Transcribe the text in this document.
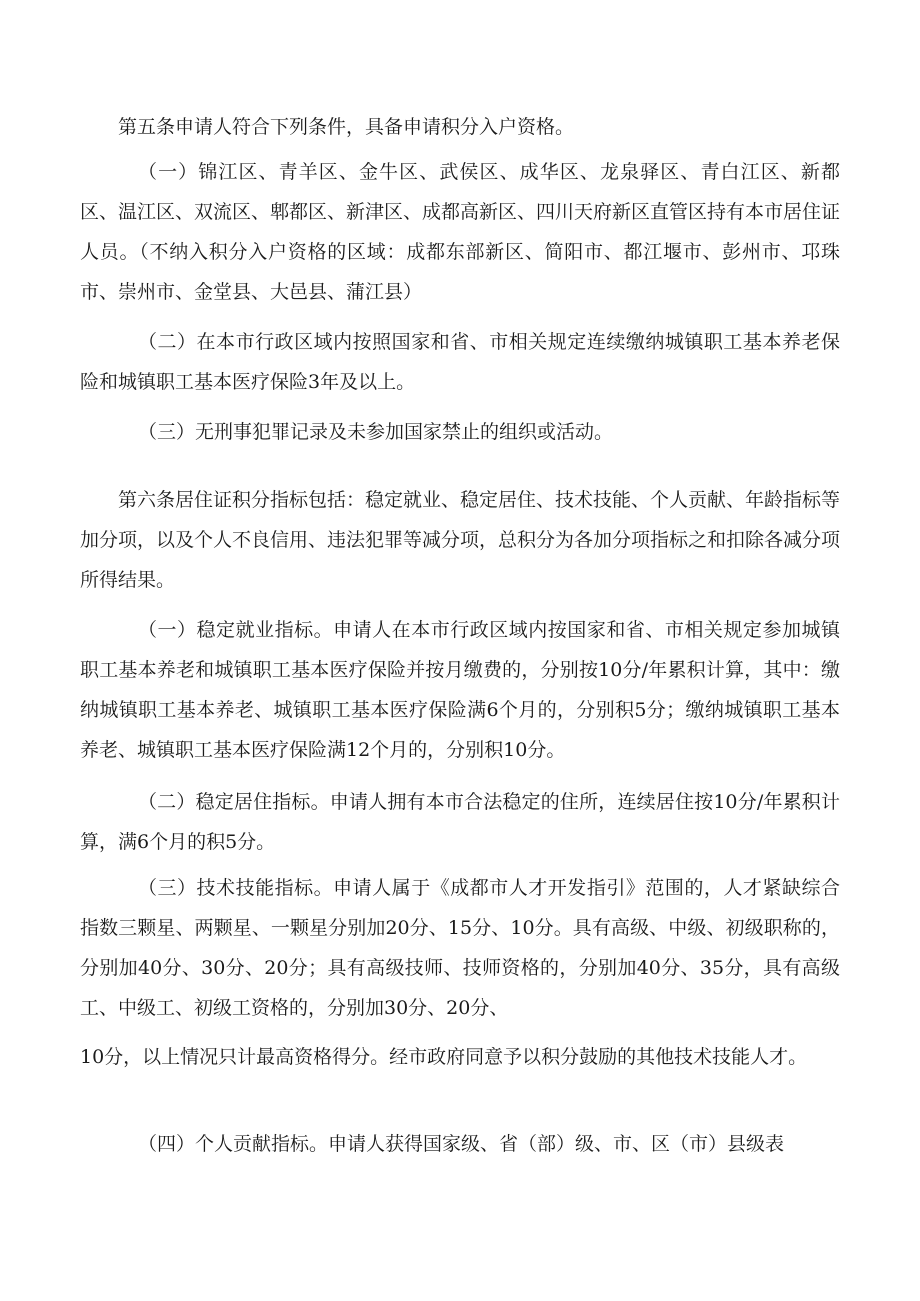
第五条申请人符合下列条件，具备申请积分入户资格。

（一）锦江区、青羊区、金牛区、武侯区、成华区、龙泉驿区、青白江区、新都区、温江区、双流区、郫都区、新津区、成都高新区、四川天府新区直管区持有本市居住证人员。（不纳入积分入户资格的区域：成都东部新区、简阳市、都江堰市、彭州市、邛珠市、崇州市、金堂县、大邑县、蒲江县）

（二）在本市行政区域内按照国家和省、市相关规定连续缴纳城镇职工基本养老保险和城镇职工基本医疗保险3年及以上。

（三）无刑事犯罪记录及未参加国家禁止的组织或活动。

第六条居住证积分指标包括：稳定就业、稳定居住、技术技能、个人贡献、年龄指标等加分项，以及个人不良信用、违法犯罪等减分项，总积分为各加分项指标之和扣除各减分项所得结果。

（一）稳定就业指标。申请人在本市行政区域内按国家和省、市相关规定参加城镇职工基本养老和城镇职工基本医疗保险并按月缴费的，分别按10分/年累积计算，其中：缴纳城镇职工基本养老、城镇职工基本医疗保险满6个月的，分别积5分；缴纳城镇职工基本养老、城镇职工基本医疗保险满12个月的，分别积10分。

（二）稳定居住指标。申请人拥有本市合法稳定的住所，连续居住按10分/年累积计算，满6个月的积5分。

（三）技术技能指标。申请人属于《成都市人才开发指引》范围的，人才紧缺综合指数三颗星、两颗星、一颗星分别加20分、15分、10分。具有高级、中级、初级职称的，分别加40分、30分、20分；具有高级技师、技师资格的，分别加40分、35分，具有高级工、中级工、初级工资格的，分别加30分、20分、

10分，以上情况只计最高资格得分。经市政府同意予以积分鼓励的其他技术技能人才。

（四）个人贡献指标。申请人获得国家级、省（部）级、市、区（市）县级表
